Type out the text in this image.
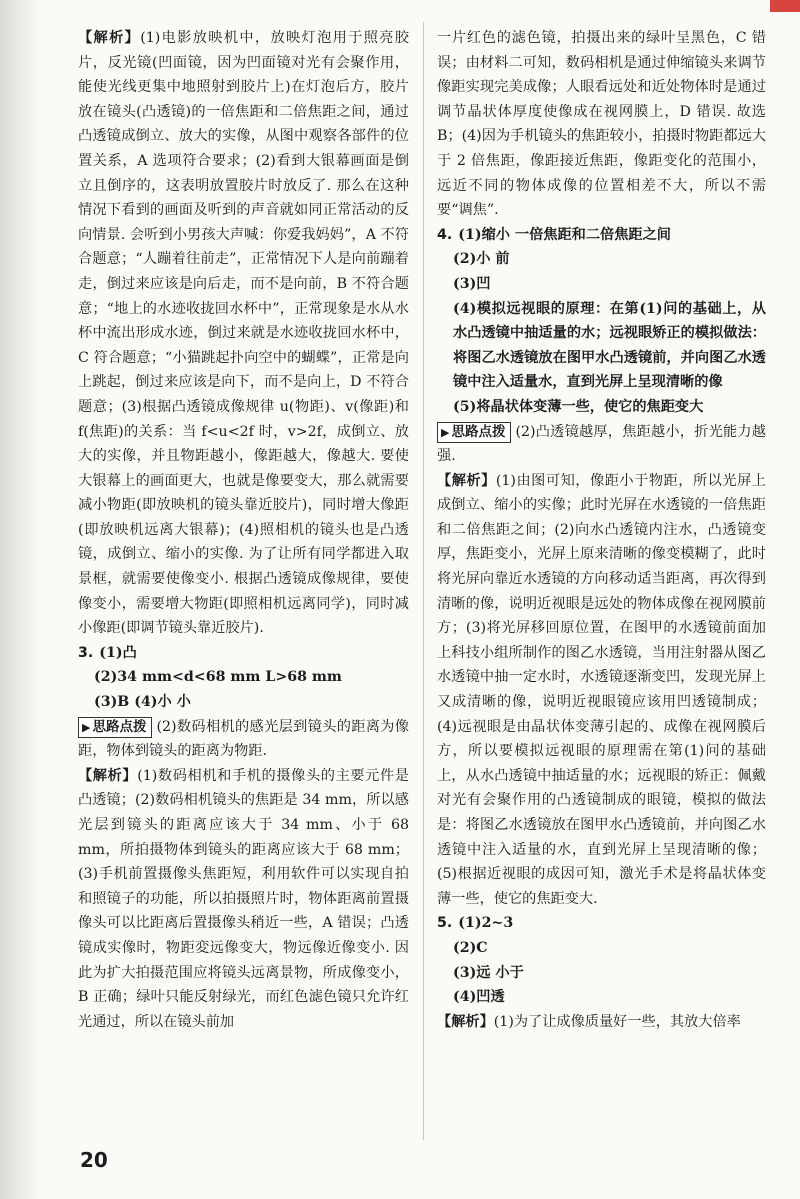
【解析】(1)电影放映机中，放映灯泡用于照亮胶片，反光镜(凹面镜，因为凹面镜对光有会聚作用，能使光线更集中地照射到胶片上)在灯泡后方，胶片放在镜头(凸透镜)的一倍焦距和二倍焦距之间，通过凸透镜成倒立、放大的实像，从图中观察各部件的位置关系，A 选项符合要求；(2)看到大银幕画面是倒立且倒序的，这表明放置胶片时放反了. 那么在这种情况下看到的画面及听到的声音就如同正常活动的反向情景. 会听到小男孩大声喊：你爱我妈妈”，A 不符合题意；“人蹦着往前走”，正常情况下人是向前蹦着走，倒过来应该是向后走，而不是向前，B 不符合题意；“地上的水迹收拢回水杯中”，正常现象是水从水杯中流出形成水迹，倒过来就是水迹收拢回水杯中，C 符合题意；“小猫跳起扑向空中的蝴蝶”，正常是向上跳起，倒过来应该是向下，而不是向上，D 不符合题意；(3)根据凸透镜成像规律 u(物距)、v(像距)和 f(焦距)的关系：当 f<u<2f 时，v>2f，成倒立、放大的实像，并且物距越小，像距越大，像越大. 要使大银幕上的画面更大，也就是像要变大，那么就需要减小物距(即放映机的镜头靠近胶片)，同时增大像距(即放映机远离大银幕)；(4)照相机的镜头也是凸透镜，成倒立、缩小的实像. 为了让所有同学都进入取景框，就需要使像变小. 根据凸透镜成像规律，要使像变小，需要增大物距(即照相机远离同学)，同时减小像距(即调节镜头靠近胶片).

3. (1)凸

(2)34 mm<d<68 mm L>68 mm

(3)B (4)小 小

▶ 思路点拨 (2)数码相机的感光层到镜头的距离为像距，物体到镜头的距离为物距.

【解析】(1)数码相机和手机的摄像头的主要元件是凸透镜；(2)数码相机镜头的焦距是 34 mm，所以感光层到镜头的距离应该大于 34 mm、小于 68 mm，所拍摄物体到镜头的距离应该大于 68 mm；(3)手机前置摄像头焦距短，利用软件可以实现自拍和照镜子的功能，所以拍摄照片时，物体距离前置摄像头可以比距离后置摄像头稍近一些，A 错误；凸透镜成实像时，物距変远像变大，物远像近像变小. 因此为扩大拍摄范围应将镜头远离景物，所成像变小，B 正确；绿叶只能反射绿光，而红色滤色镜只允许红光通过，所以在镜头前加

一片红色的滤色镜，拍摄出来的绿叶呈黑色，C 错误；由材料二可知，数码相机是通过伸缩镜头来调节像距实现完美成像；人眼看远处和近处物体时是通过调节晶状体厚度使像成在视网膜上，D 错误. 故选 B；(4)因为手机镜头的焦距较小，拍摄时物距都远大于 2 倍焦距，像距接近焦距，像距变化的范围小，远近不同的物体成像的位置相差不大，所以不需要“调焦”.

4. (1)缩小 一倍焦距和二倍焦距之间

(2)小 前

(3)凹

(4)模拟远视眼的原理：在第(1)问的基础上，从水凸透镜中抽适量的水；远视眼矫正的模拟做法：将图乙水透镜放在图甲水凸透镜前，并向图乙水透镜中注入适量水，直到光屏上呈现清晰的像

(5)将晶状体变薄一些，使它的焦距变大

▶ 思路点拨 (2)凸透镜越厚，焦距越小，折光能力越强.

【解析】(1)由图可知，像距小于物距，所以光屏上成倒立、缩小的实像；此时光屏在水透镜的一倍焦距和二倍焦距之间；(2)向水凸透镜内注水，凸透镜变厚，焦距变小，光屏上原来清晰的像变模糊了，此时将光屏向靠近水透镜的方向移动适当距离，再次得到清晰的像，说明近视眼是远处的物体成像在视网膜前方；(3)将光屏移回原位置，在图甲的水透镜前面加上科技小组所制作的图乙水透镜，当用注射器从图乙水透镜中抽一定水时，水透镜逐渐变凹，发现光屏上又成清晰的像，说明近视眼镜应该用凹透镜制成；(4)远视眼是由晶状体变薄引起的、成像在视网膜后方，所以要模拟远视眼的原理需在第(1)问的基础上，从水凸透镜中抽适量的水；远视眼的矫正：佩戴对光有会聚作用的凸透镜制成的眼镜，模拟的做法是：将图乙水透镜放在图甲水凸透镜前，并向图乙水透镜中注入适量的水，直到光屏上呈现清晰的像；(5)根据近视眼的成因可知，激光手术是将晶状体变薄一些，使它的焦距变大.

5. (1)2~3

(2)C

(3)远 小于

(4)凹透

【解析】(1)为了让成像质量好一些，其放大倍率

20
